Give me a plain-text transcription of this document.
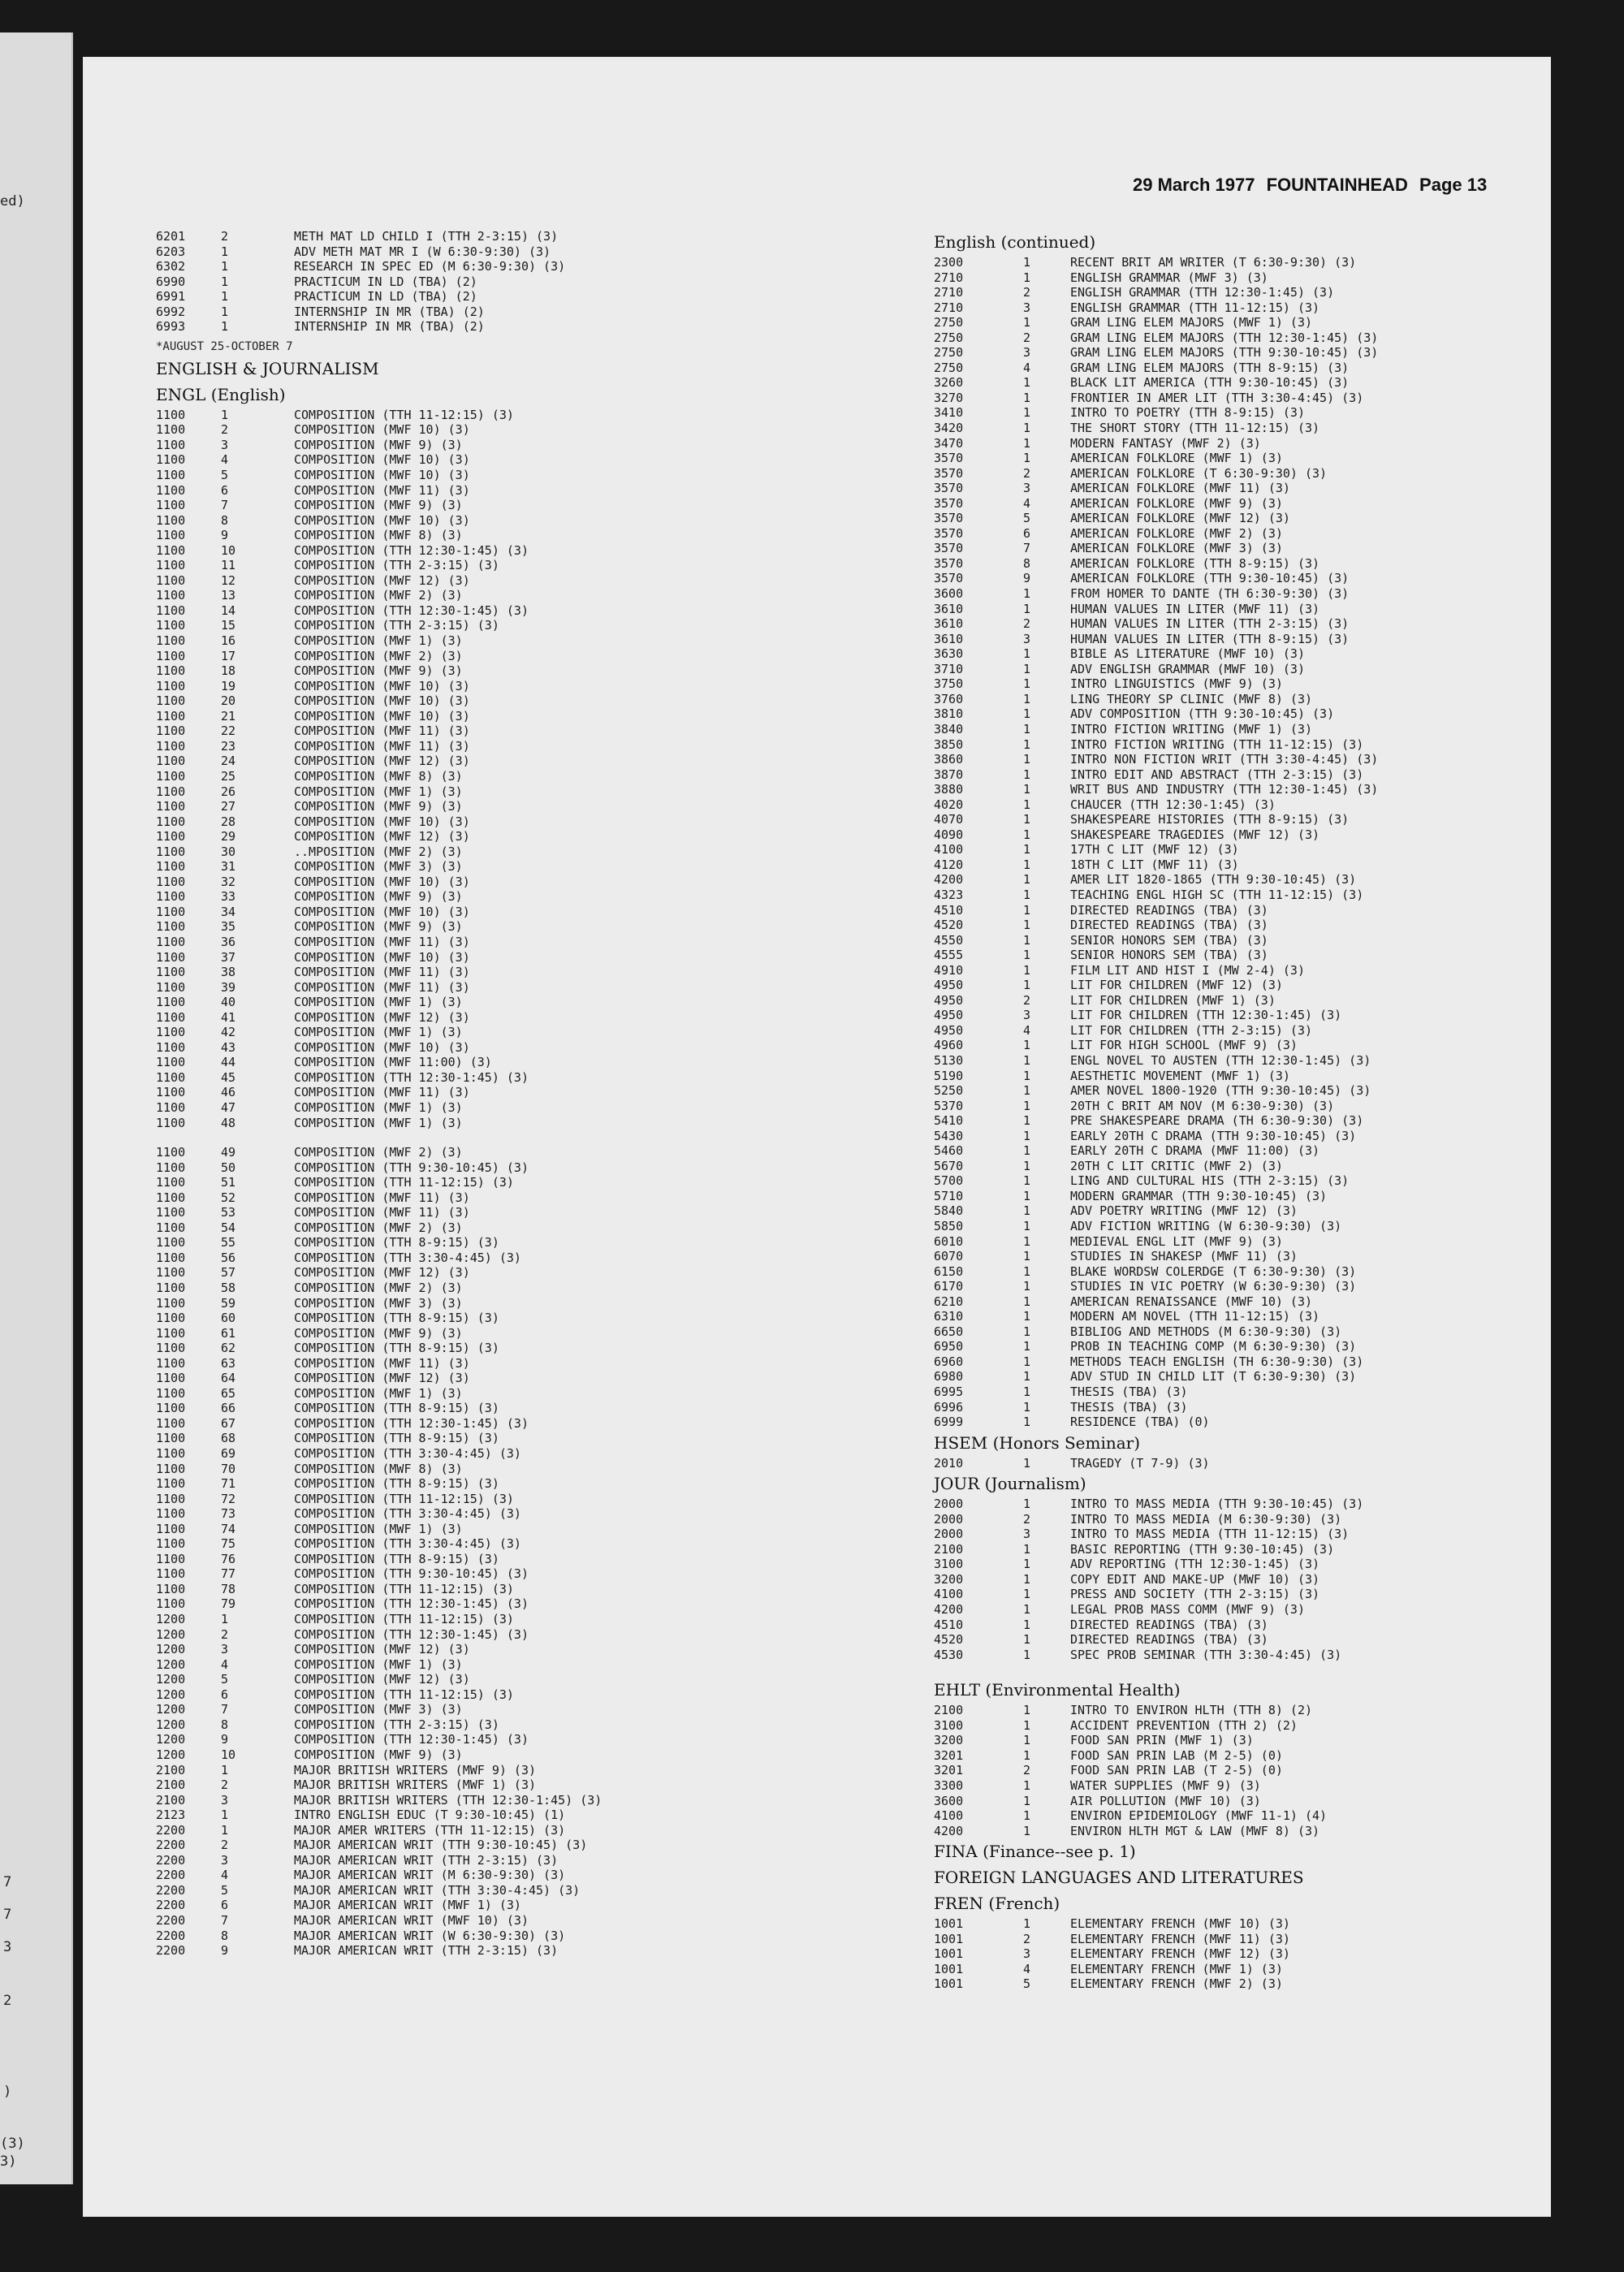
ed)
7
7
3
2
)
(3)
3)
29 March 1977 FOUNTAINHEAD Page 13
6201	2	METH MAT LD CHILD I (TTH 2-3:15) (3)
6203	1	ADV METH MAT MR I (W 6:30-9:30) (3)
6302	1	RESEARCH IN SPEC ED (M 6:30-9:30) (3)
6990	1	PRACTICUM IN LD (TBA) (2)
6991	1	PRACTICUM IN LD (TBA) (2)
6992	1	INTERNSHIP IN MR (TBA) (2)
6993	1	INTERNSHIP IN MR (TBA) (2)
*AUGUST 25-OCTOBER 7
ENGLISH & JOURNALISM
ENGL (English)
1100	1	COMPOSITION (TTH 11-12:15) (3)
1100	2	COMPOSITION (MWF 10) (3)
1100	3	COMPOSITION (MWF 9) (3)
1100	4	COMPOSITION (MWF 10) (3)
1100	5	COMPOSITION (MWF 10) (3)
1100	6	COMPOSITION (MWF 11) (3)
1100	7	COMPOSITION (MWF 9) (3)
1100	8	COMPOSITION (MWF 10) (3)
1100	9	COMPOSITION (MWF 8) (3)
1100	10	COMPOSITION (TTH 12:30-1:45) (3)
1100	11	COMPOSITION (TTH 2-3:15) (3)
1100	12	COMPOSITION (MWF 12) (3)
1100	13	COMPOSITION (MWF 2) (3)
1100	14	COMPOSITION (TTH 12:30-1:45) (3)
1100	15	COMPOSITION (TTH 2-3:15) (3)
1100	16	COMPOSITION (MWF 1) (3)
1100	17	COMPOSITION (MWF 2) (3)
1100	18	COMPOSITION (MWF 9) (3)
1100	19	COMPOSITION (MWF 10) (3)
1100	20	COMPOSITION (MWF 10) (3)
1100	21	COMPOSITION (MWF 10) (3)
1100	22	COMPOSITION (MWF 11) (3)
1100	23	COMPOSITION (MWF 11) (3)
1100	24	COMPOSITION (MWF 12) (3)
1100	25	COMPOSITION (MWF 8) (3)
1100	26	COMPOSITION (MWF 1) (3)
1100	27	COMPOSITION (MWF 9) (3)
1100	28	COMPOSITION (MWF 10) (3)
1100	29	COMPOSITION (MWF 12) (3)
1100	30	..MPOSITION (MWF 2) (3)
1100	31	COMPOSITION (MWF 3) (3)
1100	32	COMPOSITION (MWF 10) (3)
1100	33	COMPOSITION (MWF 9) (3)
1100	34	COMPOSITION (MWF 10) (3)
1100	35	COMPOSITION (MWF 9) (3)
1100	36	COMPOSITION (MWF 11) (3)
1100	37	COMPOSITION (MWF 10) (3)
1100	38	COMPOSITION (MWF 11) (3)
1100	39	COMPOSITION (MWF 11) (3)
1100	40	COMPOSITION (MWF 1) (3)
1100	41	COMPOSITION (MWF 12) (3)
1100	42	COMPOSITION (MWF 1) (3)
1100	43	COMPOSITION (MWF 10) (3)
1100	44	COMPOSITION (MWF 11:00) (3)
1100	45	COMPOSITION (TTH 12:30-1:45) (3)
1100	46	COMPOSITION (MWF 11) (3)
1100	47	COMPOSITION (MWF 1) (3)
1100	48	COMPOSITION (MWF 1) (3)
1100	49	COMPOSITION (MWF 2) (3)
1100	50	COMPOSITION (TTH 9:30-10:45) (3)
1100	51	COMPOSITION (TTH 11-12:15) (3)
1100	52	COMPOSITION (MWF 11) (3)
1100	53	COMPOSITION (MWF 11) (3)
1100	54	COMPOSITION (MWF 2) (3)
1100	55	COMPOSITION (TTH 8-9:15) (3)
1100	56	COMPOSITION (TTH 3:30-4:45) (3)
1100	57	COMPOSITION (MWF 12) (3)
1100	58	COMPOSITION (MWF 2) (3)
1100	59	COMPOSITION (MWF 3) (3)
1100	60	COMPOSITION (TTH 8-9:15) (3)
1100	61	COMPOSITION (MWF 9) (3)
1100	62	COMPOSITION (TTH 8-9:15) (3)
1100	63	COMPOSITION (MWF 11) (3)
1100	64	COMPOSITION (MWF 12) (3)
1100	65	COMPOSITION (MWF 1) (3)
1100	66	COMPOSITION (TTH 8-9:15) (3)
1100	67	COMPOSITION (TTH 12:30-1:45) (3)
1100	68	COMPOSITION (TTH 8-9:15) (3)
1100	69	COMPOSITION (TTH 3:30-4:45) (3)
1100	70	COMPOSITION (MWF 8) (3)
1100	71	COMPOSITION (TTH 8-9:15) (3)
1100	72	COMPOSITION (TTH 11-12:15) (3)
1100	73	COMPOSITION (TTH 3:30-4:45) (3)
1100	74	COMPOSITION (MWF 1) (3)
1100	75	COMPOSITION (TTH 3:30-4:45) (3)
1100	76	COMPOSITION (TTH 8-9:15) (3)
1100	77	COMPOSITION (TTH 9:30-10:45) (3)
1100	78	COMPOSITION (TTH 11-12:15) (3)
1100	79	COMPOSITION (TTH 12:30-1:45) (3)
1200	1	COMPOSITION (TTH 11-12:15) (3)
1200	2	COMPOSITION (TTH 12:30-1:45) (3)
1200	3	COMPOSITION (MWF 12) (3)
1200	4	COMPOSITION (MWF 1) (3)
1200	5	COMPOSITION (MWF 12) (3)
1200	6	COMPOSITION (TTH 11-12:15) (3)
1200	7	COMPOSITION (MWF 3) (3)
1200	8	COMPOSITION (TTH 2-3:15) (3)
1200	9	COMPOSITION (TTH 12:30-1:45) (3)
1200	10	COMPOSITION (MWF 9) (3)
2100	1	MAJOR BRITISH WRITERS (MWF 9) (3)
2100	2	MAJOR BRITISH WRITERS (MWF 1) (3)
2100	3	MAJOR BRITISH WRITERS (TTH 12:30-1:45) (3)
2123	1	INTRO ENGLISH EDUC (T 9:30-10:45) (1)
2200	1	MAJOR AMER WRITERS (TTH 11-12:15) (3)
2200	2	MAJOR AMERICAN WRIT (TTH 9:30-10:45) (3)
2200	3	MAJOR AMERICAN WRIT (TTH 2-3:15) (3)
2200	4	MAJOR AMERICAN WRIT (M 6:30-9:30) (3)
2200	5	MAJOR AMERICAN WRIT (TTH 3:30-4:45) (3)
2200	6	MAJOR AMERICAN WRIT (MWF 1) (3)
2200	7	MAJOR AMERICAN WRIT (MWF 10) (3)
2200	8	MAJOR AMERICAN WRIT (W 6:30-9:30) (3)
2200	9	MAJOR AMERICAN WRIT (TTH 2-3:15) (3)
English (continued)
2300	1	RECENT BRIT AM WRITER (T 6:30-9:30) (3)
2710	1	ENGLISH GRAMMAR (MWF 3) (3)
2710	2	ENGLISH GRAMMAR (TTH 12:30-1:45) (3)
2710	3	ENGLISH GRAMMAR (TTH 11-12:15) (3)
2750	1	GRAM LING ELEM MAJORS (MWF 1) (3)
2750	2	GRAM LING ELEM MAJORS (TTH 12:30-1:45) (3)
2750	3	GRAM LING ELEM MAJORS (TTH 9:30-10:45) (3)
2750	4	GRAM LING ELEM MAJORS (TTH 8-9:15) (3)
3260	1	BLACK LIT AMERICA (TTH 9:30-10:45) (3)
3270	1	FRONTIER IN AMER LIT (TTH 3:30-4:45) (3)
3410	1	INTRO TO POETRY (TTH 8-9:15) (3)
3420	1	THE SHORT STORY (TTH 11-12:15) (3)
3470	1	MODERN FANTASY (MWF 2) (3)
3570	1	AMERICAN FOLKLORE (MWF 1) (3)
3570	2	AMERICAN FOLKLORE (T 6:30-9:30) (3)
3570	3	AMERICAN FOLKLORE (MWF 11) (3)
3570	4	AMERICAN FOLKLORE (MWF 9) (3)
3570	5	AMERICAN FOLKLORE (MWF 12) (3)
3570	6	AMERICAN FOLKLORE (MWF 2) (3)
3570	7	AMERICAN FOLKLORE (MWF 3) (3)
3570	8	AMERICAN FOLKLORE (TTH 8-9:15) (3)
3570	9	AMERICAN FOLKLORE (TTH 9:30-10:45) (3)
3600	1	FROM HOMER TO DANTE (TH 6:30-9:30) (3)
3610	1	HUMAN VALUES IN LITER (MWF 11) (3)
3610	2	HUMAN VALUES IN LITER (TTH 2-3:15) (3)
3610	3	HUMAN VALUES IN LITER (TTH 8-9:15) (3)
3630	1	BIBLE AS LITERATURE (MWF 10) (3)
3710	1	ADV ENGLISH GRAMMAR (MWF 10) (3)
3750	1	INTRO LINGUISTICS (MWF 9) (3)
3760	1	LING THEORY SP CLINIC (MWF 8) (3)
3810	1	ADV COMPOSITION (TTH 9:30-10:45) (3)
3840	1	INTRO FICTION WRITING (MWF 1) (3)
3850	1	INTRO FICTION WRITING (TTH 11-12:15) (3)
3860	1	INTRO NON FICTION WRIT (TTH 3:30-4:45) (3)
3870	1	INTRO EDIT AND ABSTRACT (TTH 2-3:15) (3)
3880	1	WRIT BUS AND INDUSTRY (TTH 12:30-1:45) (3)
4020	1	CHAUCER (TTH 12:30-1:45) (3)
4070	1	SHAKESPEARE HISTORIES (TTH 8-9:15) (3)
4090	1	SHAKESPEARE TRAGEDIES (MWF 12) (3)
4100	1	17TH C LIT (MWF 12) (3)
4120	1	18TH C LIT (MWF 11) (3)
4200	1	AMER LIT 1820-1865 (TTH 9:30-10:45) (3)
4323	1	TEACHING ENGL HIGH SC (TTH 11-12:15) (3)
4510	1	DIRECTED READINGS (TBA) (3)
4520	1	DIRECTED READINGS (TBA) (3)
4550	1	SENIOR HONORS SEM (TBA) (3)
4555	1	SENIOR HONORS SEM (TBA) (3)
4910	1	FILM LIT AND HIST I (MW 2-4) (3)
4950	1	LIT FOR CHILDREN (MWF 12) (3)
4950	2	LIT FOR CHILDREN (MWF 1) (3)
4950	3	LIT FOR CHILDREN (TTH 12:30-1:45) (3)
4950	4	LIT FOR CHILDREN (TTH 2-3:15) (3)
4960	1	LIT FOR HIGH SCHOOL (MWF 9) (3)
5130	1	ENGL NOVEL TO AUSTEN (TTH 12:30-1:45) (3)
5190	1	AESTHETIC MOVEMENT (MWF 1) (3)
5250	1	AMER NOVEL 1800-1920 (TTH 9:30-10:45) (3)
5370	1	20TH C BRIT AM NOV (M 6:30-9:30) (3)
5410	1	PRE SHAKESPEARE DRAMA (TH 6:30-9:30) (3)
5430	1	EARLY 20TH C DRAMA (TTH 9:30-10:45) (3)
5460	1	EARLY 20TH C DRAMA (MWF 11:00) (3)
5670	1	20TH C LIT CRITIC (MWF 2) (3)
5700	1	LING AND CULTURAL HIS (TTH 2-3:15) (3)
5710	1	MODERN GRAMMAR (TTH 9:30-10:45) (3)
5840	1	ADV POETRY WRITING (MWF 12) (3)
5850	1	ADV FICTION WRITING (W 6:30-9:30) (3)
6010	1	MEDIEVAL ENGL LIT (MWF 9) (3)
6070	1	STUDIES IN SHAKESP (MWF 11) (3)
6150	1	BLAKE WORDSW COLERDGE (T 6:30-9:30) (3)
6170	1	STUDIES IN VIC POETRY (W 6:30-9:30) (3)
6210	1	AMERICAN RENAISSANCE (MWF 10) (3)
6310	1	MODERN AM NOVEL (TTH 11-12:15) (3)
6650	1	BIBLIOG AND METHODS (M 6:30-9:30) (3)
6950	1	PROB IN TEACHING COMP (M 6:30-9:30) (3)
6960	1	METHODS TEACH ENGLISH (TH 6:30-9:30) (3)
6980	1	ADV STUD IN CHILD LIT (T 6:30-9:30) (3)
6995	1	THESIS (TBA) (3)
6996	1	THESIS (TBA) (3)
6999	1	RESIDENCE (TBA) (0)
HSEM (Honors Seminar)
2010	1	TRAGEDY (T 7-9) (3)
JOUR (Journalism)
2000	1	INTRO TO MASS MEDIA (TTH 9:30-10:45) (3)
2000	2	INTRO TO MASS MEDIA (M 6:30-9:30) (3)
2000	3	INTRO TO MASS MEDIA (TTH 11-12:15) (3)
2100	1	BASIC REPORTING (TTH 9:30-10:45) (3)
3100	1	ADV REPORTING (TTH 12:30-1:45) (3)
3200	1	COPY EDIT AND MAKE-UP (MWF 10) (3)
4100	1	PRESS AND SOCIETY (TTH 2-3:15) (3)
4200	1	LEGAL PROB MASS COMM (MWF 9) (3)
4510	1	DIRECTED READINGS (TBA) (3)
4520	1	DIRECTED READINGS (TBA) (3)
4530	1	SPEC PROB SEMINAR (TTH 3:30-4:45) (3)
EHLT (Environmental Health)
2100	1	INTRO TO ENVIRON HLTH (TTH 8) (2)
3100	1	ACCIDENT PREVENTION (TTH 2) (2)
3200	1	FOOD SAN PRIN (MWF 1) (3)
3201	1	FOOD SAN PRIN LAB (M 2-5) (0)
3201	2	FOOD SAN PRIN LAB (T 2-5) (0)
3300	1	WATER SUPPLIES (MWF 9) (3)
3600	1	AIR POLLUTION (MWF 10) (3)
4100	1	ENVIRON EPIDEMIOLOGY (MWF 11-1) (4)
4200	1	ENVIRON HLTH MGT & LAW (MWF 8) (3)
FINA (Finance--see p. 1)
FOREIGN LANGUAGES AND LITERATURES
FREN (French)
1001	1	ELEMENTARY FRENCH (MWF 10) (3)
1001	2	ELEMENTARY FRENCH (MWF 11) (3)
1001	3	ELEMENTARY FRENCH (MWF 12) (3)
1001	4	ELEMENTARY FRENCH (MWF 1) (3)
1001	5	ELEMENTARY FRENCH (MWF 2) (3)
